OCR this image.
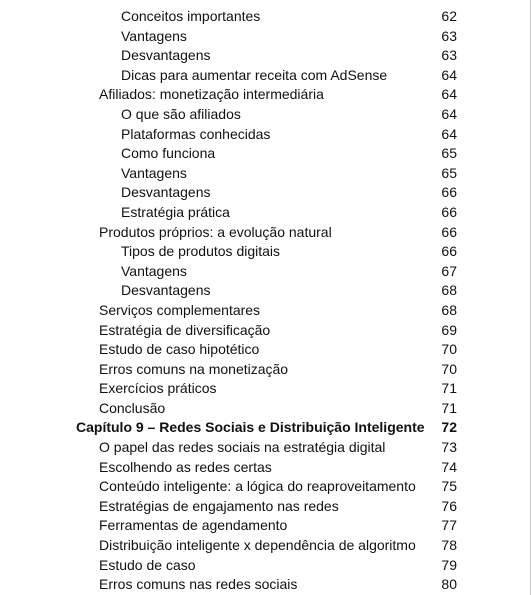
Conceitos importantes	62
Vantagens	63
Desvantagens	63
Dicas para aumentar receita com AdSense	64
Afiliados: monetização intermediária	64
O que são afiliados	64
Plataformas conhecidas	64
Como funciona	65
Vantagens	65
Desvantagens	66
Estratégia prática	66
Produtos próprios: a evolução natural	66
Tipos de produtos digitais	66
Vantagens	67
Desvantagens	68
Serviços complementares	68
Estratégia de diversificação	69
Estudo de caso hipotético	70
Erros comuns na monetização	70
Exercícios práticos	71
Conclusão	71
Capítulo 9 – Redes Sociais e Distribuição Inteligente 72
O papel das redes sociais na estratégia digital	73
Escolhendo as redes certas	74
Conteúdo inteligente: a lógica do reaproveitamento 75
Estratégias de engajamento nas redes	76
Ferramentas de agendamento	77
Distribuição inteligente x dependência de algoritmo 78
Estudo de caso	79
Erros comuns nas redes sociais	80
